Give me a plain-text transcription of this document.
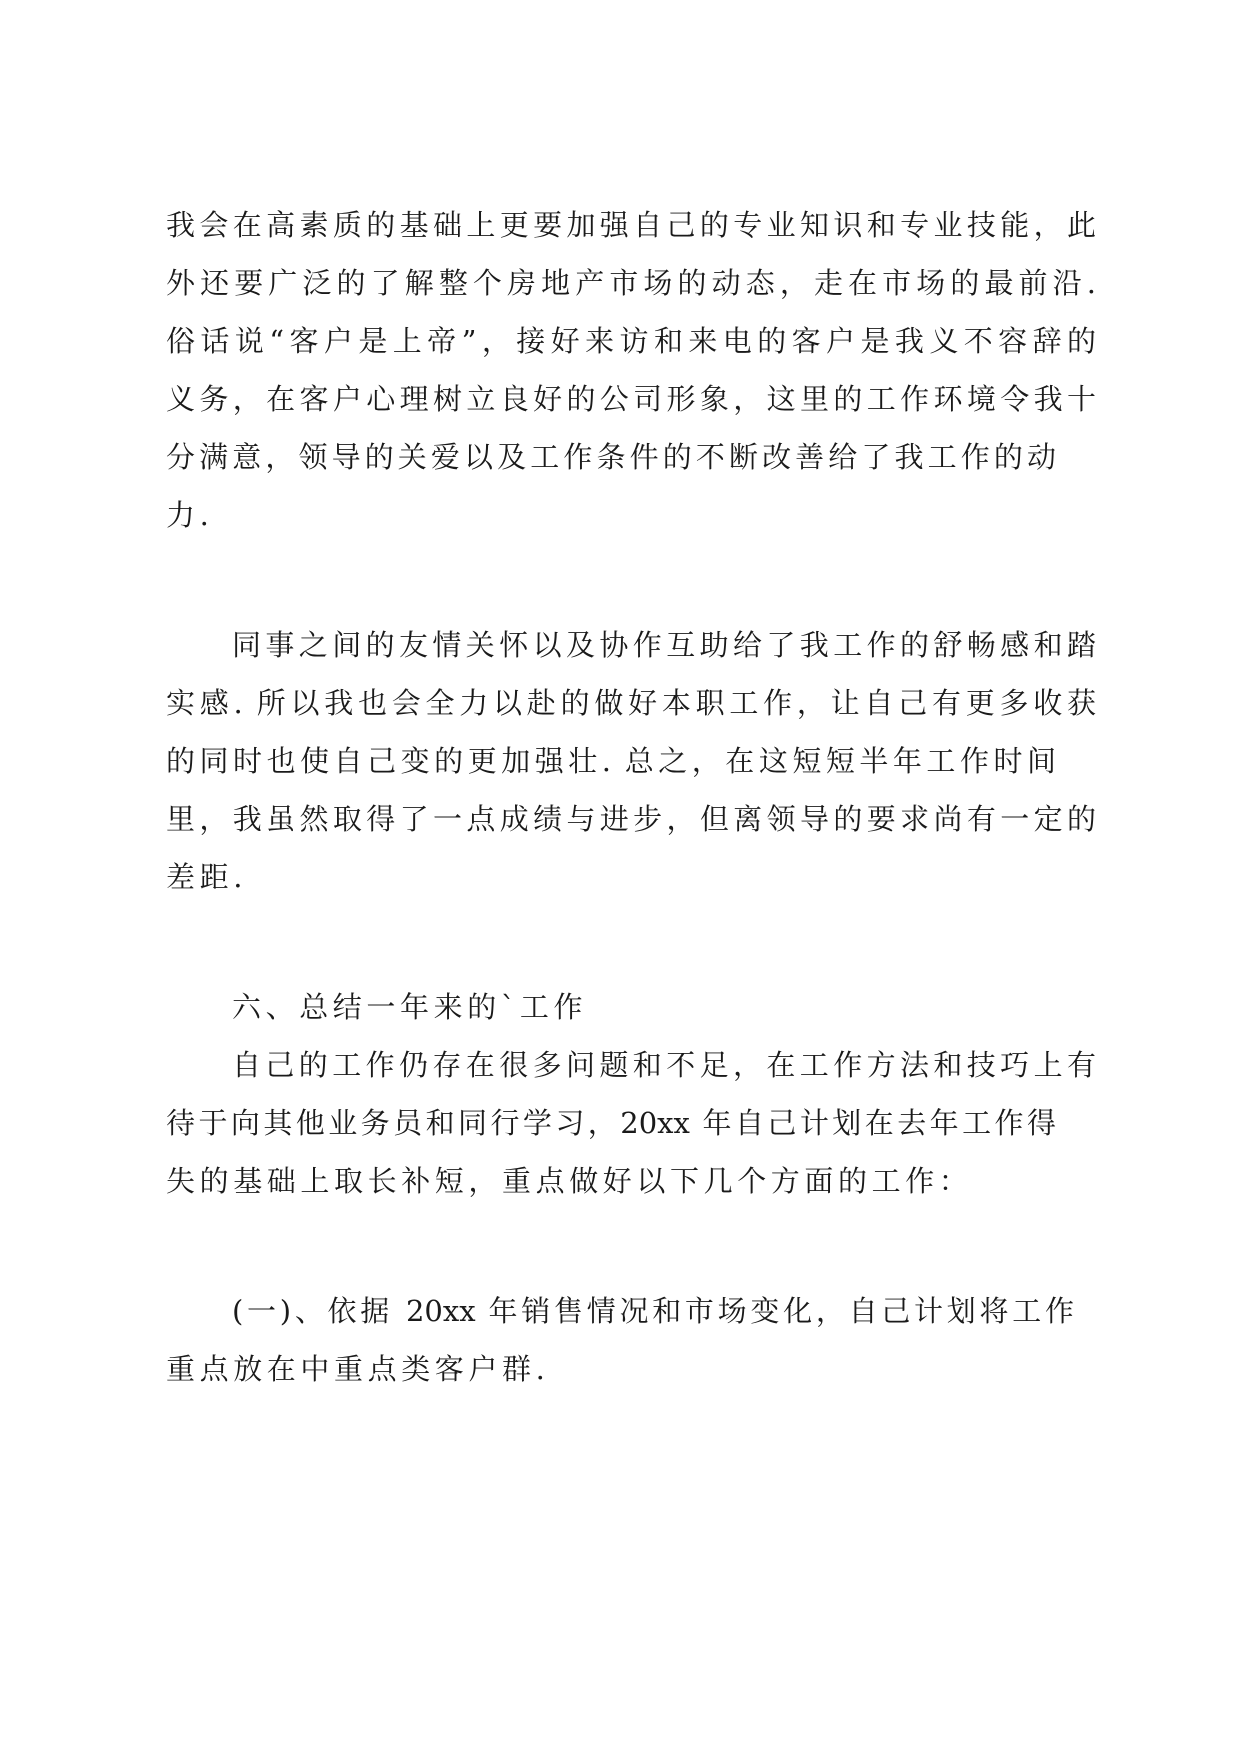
我会在高素质的基础上更要加强自己的专业知识和专业技能，此
外还要广泛的了解整个房地产市场的动态，走在市场的最前沿.
俗话说“客户是上帝”，接好来访和来电的客户是我义不容辞的
义务，在客户心理树立良好的公司形象，这里的工作环境令我十
分满意，领导的关爱以及工作条件的不断改善给了我工作的动
力.
同事之间的友情关怀以及协作互助给了我工作的舒畅感和踏
实感. 所以我也会全力以赴的做好本职工作，让自己有更多收获
的同时也使自己变的更加强壮. 总之，在这短短半年工作时间
里，我虽然取得了一点成绩与进步，但离领导的要求尚有一定的
差距.
六、总结一年来的`工作
自己的工作仍存在很多问题和不足，在工作方法和技巧上有
待于向其他业务员和同行学习，20xx 年自己计划在去年工作得
失的基础上取长补短，重点做好以下几个方面的工作：
(一)、依据 20xx 年销售情况和市场变化，自己计划将工作
重点放在中重点类客户群.
